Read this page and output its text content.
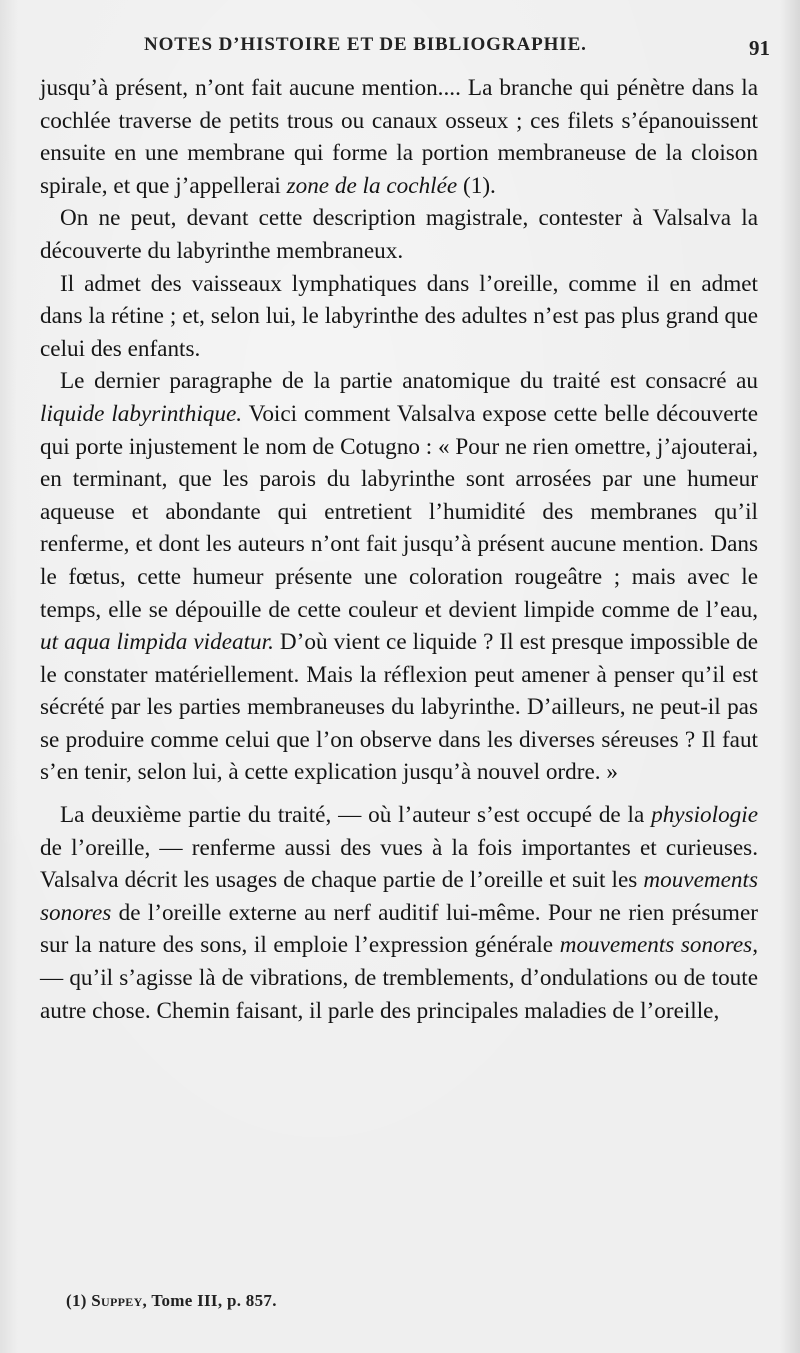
NOTES D’HISTOIRE ET DE BIBLIOGRAPHIE.	91

jusqu’à présent, n’ont fait aucune mention.... La branche qui pénètre dans la cochlée traverse de petits trous ou canaux osseux ; ces filets s’épanouissent ensuite en une membrane qui forme la portion membraneuse de la cloison spirale, et que j’appellerai zone de la cochlée (1).

On ne peut, devant cette description magistrale, contester à Valsalva la découverte du labyrinthe membraneux.

Il admet des vaisseaux lymphatiques dans l’oreille, comme il en admet dans la rétine ; et, selon lui, le labyrinthe des adultes n’est pas plus grand que celui des enfants.

Le dernier paragraphe de la partie anatomique du traité est consacré au liquide labyrinthique. Voici comment Valsalva expose cette belle découverte qui porte injustement le nom de Cotugno : « Pour ne rien omettre, j’ajouterai, en terminant, que les parois du labyrinthe sont arrosées par une humeur aqueuse et abondante qui entretient l’humidité des membranes qu’il renferme, et dont les auteurs n’ont fait jusqu’à présent aucune mention. Dans le fœtus, cette humeur présente une coloration rougeâtre ; mais avec le temps, elle se dépouille de cette couleur et devient limpide comme de l’eau, ut aqua limpida videatur. D’où vient ce liquide ? Il est presque impossible de le constater matériellement. Mais la réflexion peut amener à penser qu’il est sécrété par les parties membraneuses du labyrinthe. D’ailleurs, ne peut-il pas se produire comme celui que l’on observe dans les diverses séreuses ? Il faut s’en tenir, selon lui, à cette explication jusqu’à nouvel ordre. »

La deuxième partie du traité, — où l’auteur s’est occupé de la physiologie de l’oreille, — renferme aussi des vues à la fois importantes et curieuses. Valsalva décrit les usages de chaque partie de l’oreille et suit les mouvements sonores de l’oreille externe au nerf auditif lui-même. Pour ne rien présumer sur la nature des sons, il emploie l’expression générale mouvements sonores, — qu’il s’agisse là de vibrations, de tremblements, d’ondulations ou de toute autre chose. Chemin faisant, il parle des principales maladies de l’oreille,

(1) Suppey, Tome III, p. 857.
